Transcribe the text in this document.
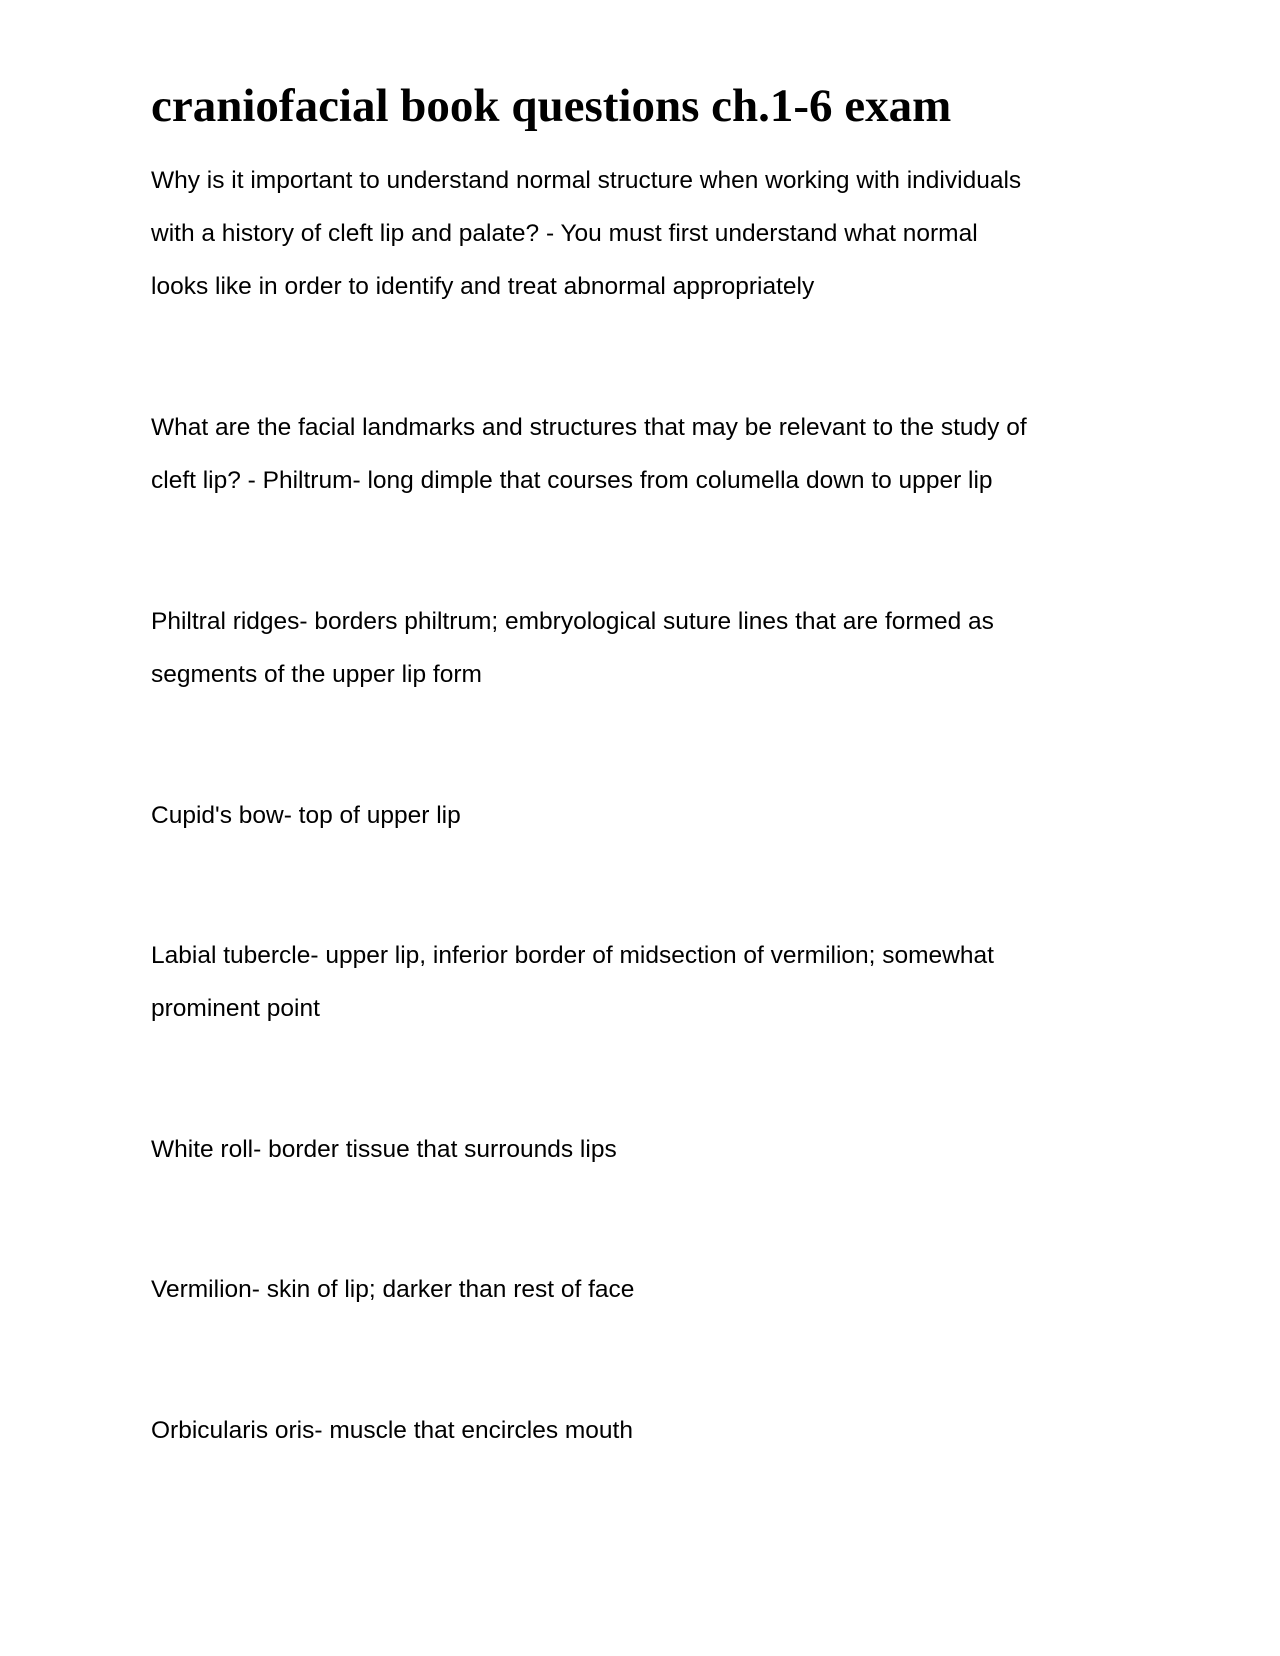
craniofacial book questions ch.1-6 exam

Why is it important to understand normal structure when working with individuals
with a history of cleft lip and palate? - You must first understand what normal
looks like in order to identify and treat abnormal appropriately

What are the facial landmarks and structures that may be relevant to the study of
cleft lip? - Philtrum- long dimple that courses from columella down to upper lip

Philtral ridges- borders philtrum; embryological suture lines that are formed as
segments of the upper lip form

Cupid's bow- top of upper lip

Labial tubercle- upper lip, inferior border of midsection of vermilion; somewhat
prominent point

White roll- border tissue that surrounds lips

Vermilion- skin of lip; darker than rest of face

Orbicularis oris- muscle that encircles mouth
